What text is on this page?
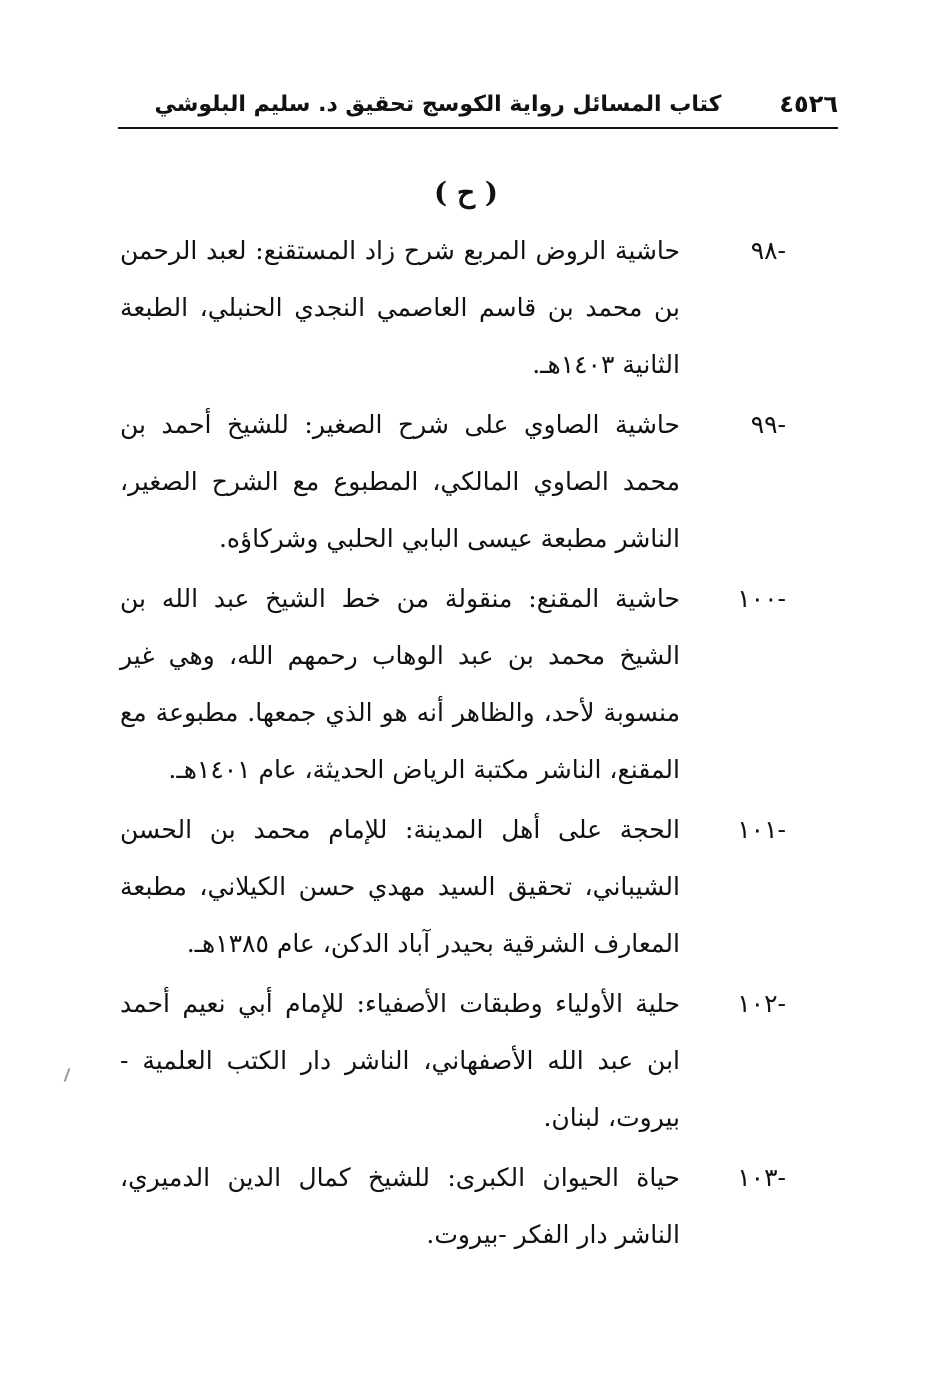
٤٥٢٦
كتاب المسائل رواية الكوسج تحقيق د. سليم البلوشي
( ح )
-٩٨
حاشية الروض المربع شرح زاد المستقنع: لعبد الرحمن بن محمد بن قاسم العاصمي النجدي الحنبلي، الطبعة الثانية ١٤٠٣هـ.
-٩٩
حاشية الصاوي على شرح الصغير: للشيخ أحمد بن محمد الصاوي المالكي، المطبوع مع الشرح الصغير، الناشر مطبعة عيسى البابي الحلبي وشركاؤه.
-١٠٠
حاشية المقنع: منقولة من خط الشيخ عبد الله بن الشيخ محمد بن عبد الوهاب رحمهم الله، وهي غير منسوبة لأحد، والظاهر أنه هو الذي جمعها. مطبوعة مع المقنع، الناشر مكتبة الرياض الحديثة، عام ١٤٠١هـ.
-١٠١
الحجة على أهل المدينة: للإمام محمد بن الحسن الشيباني، تحقيق السيد مهدي حسن الكيلاني، مطبعة المعارف الشرقية بحيدر آباد الدكن، عام ١٣٨٥هـ.
-١٠٢
حلية الأولياء وطبقات الأصفياء: للإمام أبي نعيم أحمد ابن عبد الله الأصفهاني، الناشر دار الكتب العلمية - بيروت، لبنان.
-١٠٣
حياة الحيوان الكبرى: للشيخ كمال الدين الدميري، الناشر دار الفكر -بيروت.
